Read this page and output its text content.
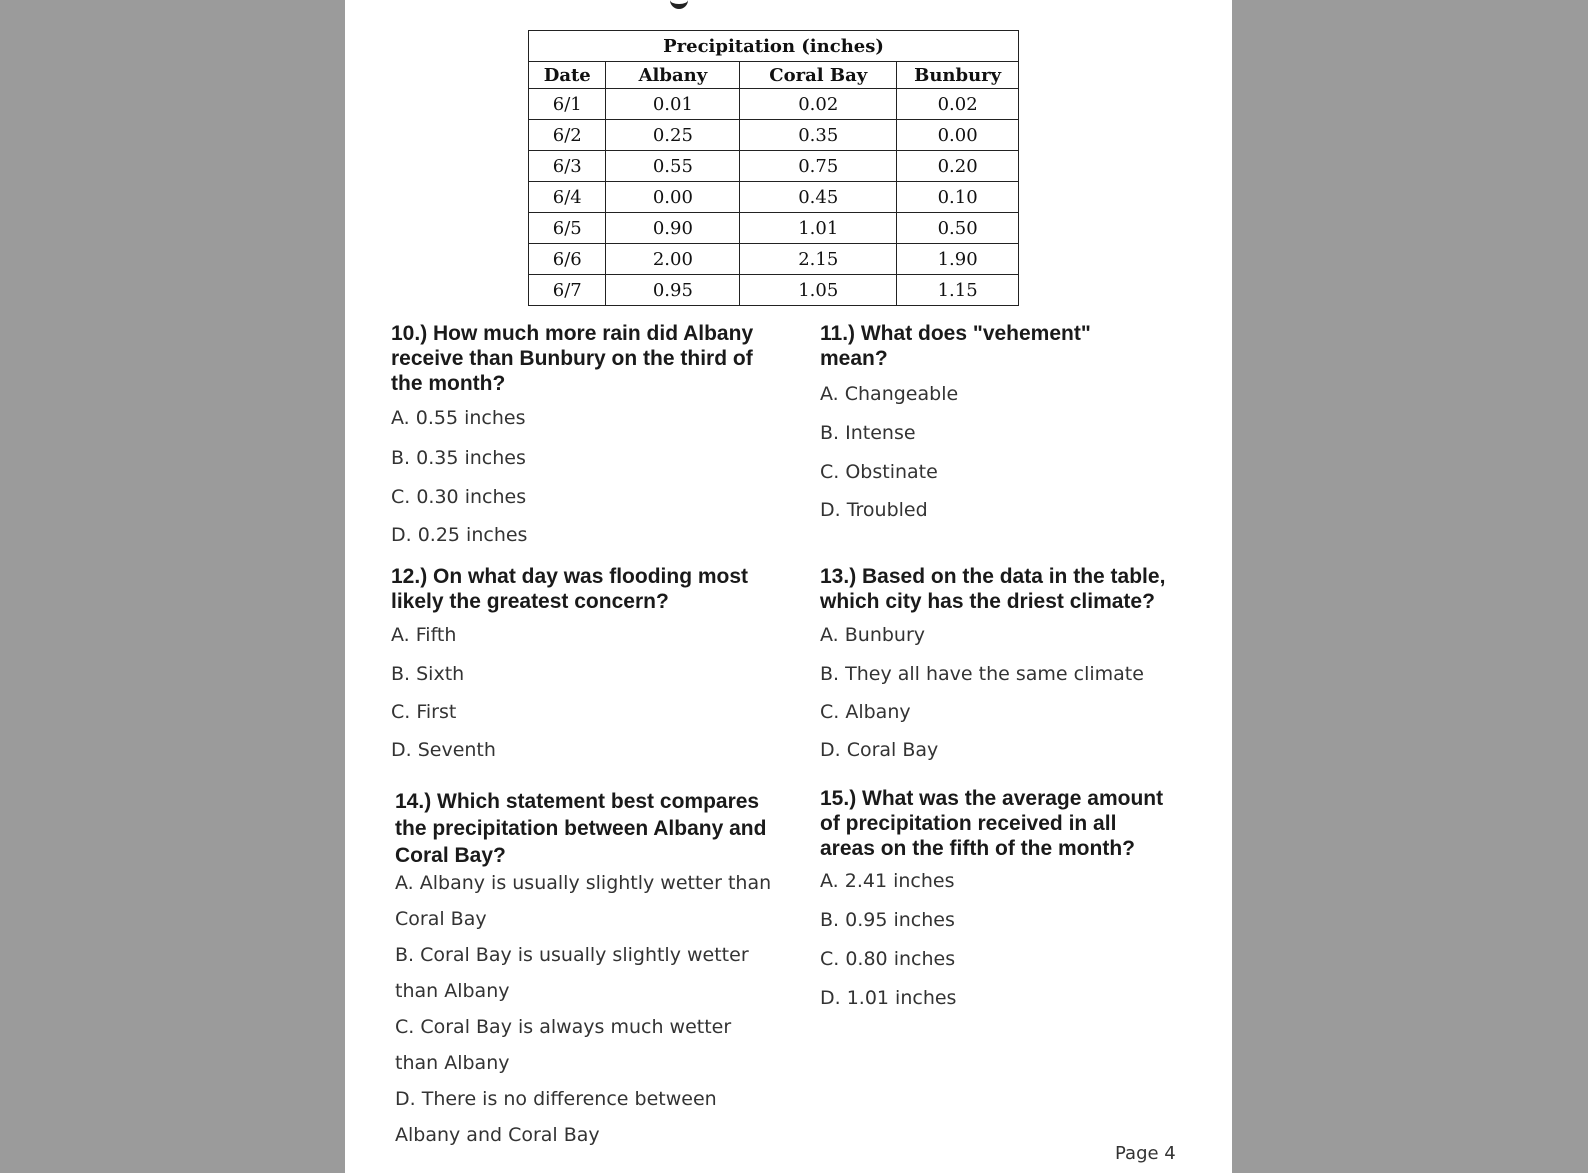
Precipitation (inches)			
Date	Albany	Coral Bay	Bunbury
6/1	0.01	0.02	0.02
6/2	0.25	0.35	0.00
6/3	0.55	0.75	0.20
6/4	0.00	0.45	0.10
6/5	0.90	1.01	0.50
6/6	2.00	2.15	1.90
6/7	0.95	1.05	1.15

10.) How much more rain did Albany
receive than Bunbury on the third of
the month?

A. 0.55 inches
B. 0.35 inches
C. 0.30 inches
D. 0.25 inches

11.) What does "vehement"
mean?

A. Changeable
B. Intense
C. Obstinate
D. Troubled

12.) On what day was flooding most
likely the greatest concern?

A. Fifth
B. Sixth
C. First
D. Seventh

13.) Based on the data in the table,
which city has the driest climate?

A. Bunbury
B. They all have the same climate
C. Albany
D. Coral Bay

14.) Which statement best compares
the precipitation between Albany and
Coral Bay?

A. Albany is usually slightly wetter than Coral Bay
B. Coral Bay is usually slightly wetter than Albany
C. Coral Bay is always much wetter than Albany
D. There is no difference between Albany and Coral Bay

15.) What was the average amount
of precipitation received in all
areas on the fifth of the month?

A. 2.41 inches
B. 0.95 inches
C. 0.80 inches
D. 1.01 inches
Page 4
